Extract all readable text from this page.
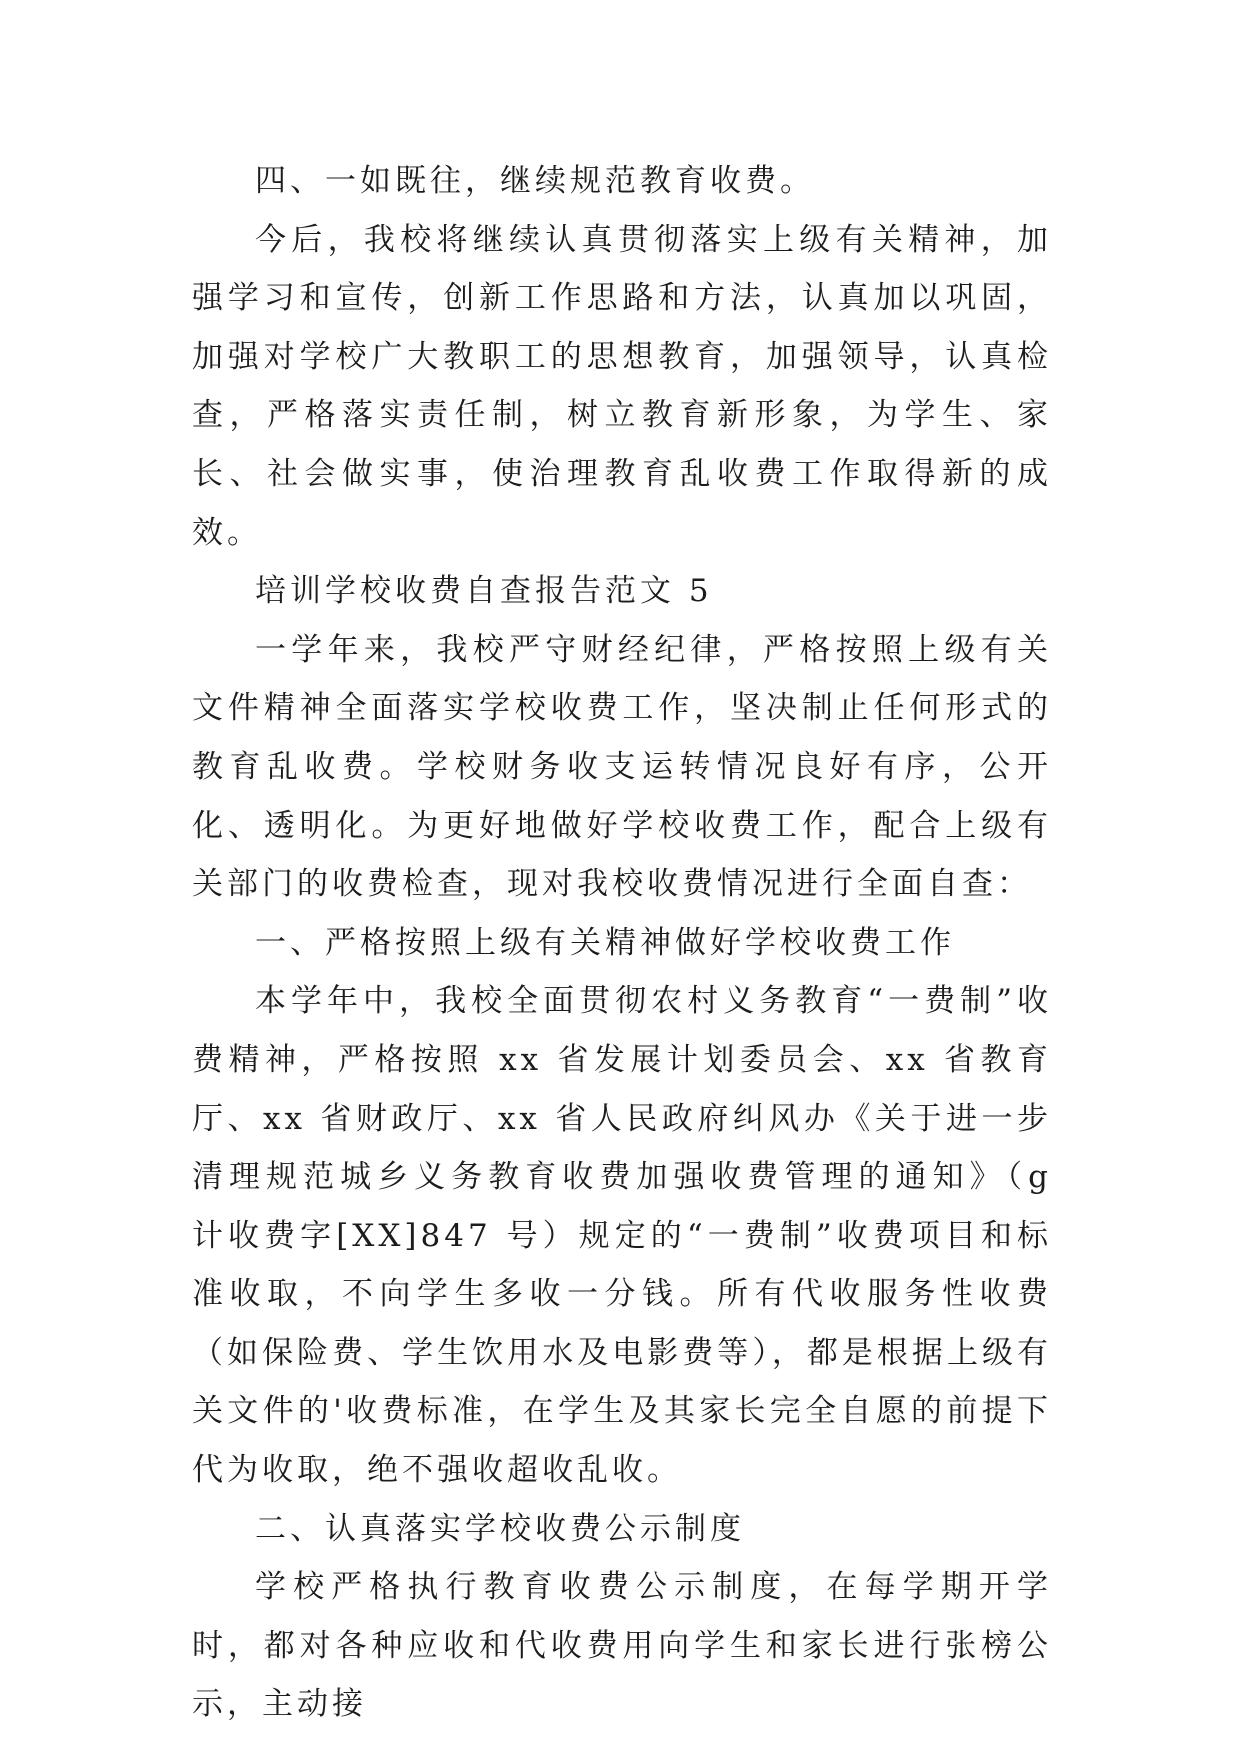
四、一如既往，继续规范教育收费。

今后，我校将继续认真贯彻落实上级有关精神，加强学习和宣传，创新工作思路和方法，认真加以巩固，加强对学校广大教职工的思想教育，加强领导，认真检查，严格落实责任制，树立教育新形象，为学生、家长、社会做实事，使治理教育乱收费工作取得新的成效。

培训学校收费自查报告范文 5

一学年来，我校严守财经纪律，严格按照上级有关文件精神全面落实学校收费工作，坚决制止任何形式的教育乱收费。学校财务收支运转情况良好有序，公开化、透明化。为更好地做好学校收费工作，配合上级有关部门的收费检查，现对我校收费情况进行全面自查：

一、严格按照上级有关精神做好学校收费工作

本学年中，我校全面贯彻农村义务教育“一费制”收费精神，严格按照 xx 省发展计划委员会、xx 省教育厅、xx 省财政厅、xx 省人民政府纠风办《关于进一步清理规范城乡义务教育收费加强收费管理的通知》（g 计收费字[XX]847 号）规定的“一费制”收费项目和标准收取，不向学生多收一分钱。所有代收服务性收费（如保险费、学生饮用水及电影费等），都是根据上级有关文件的'收费标准，在学生及其家长完全自愿的前提下代为收取，绝不强收超收乱收。

二、认真落实学校收费公示制度

学校严格执行教育收费公示制度，在每学期开学时，都对各种应收和代收费用向学生和家长进行张榜公示，主动接
